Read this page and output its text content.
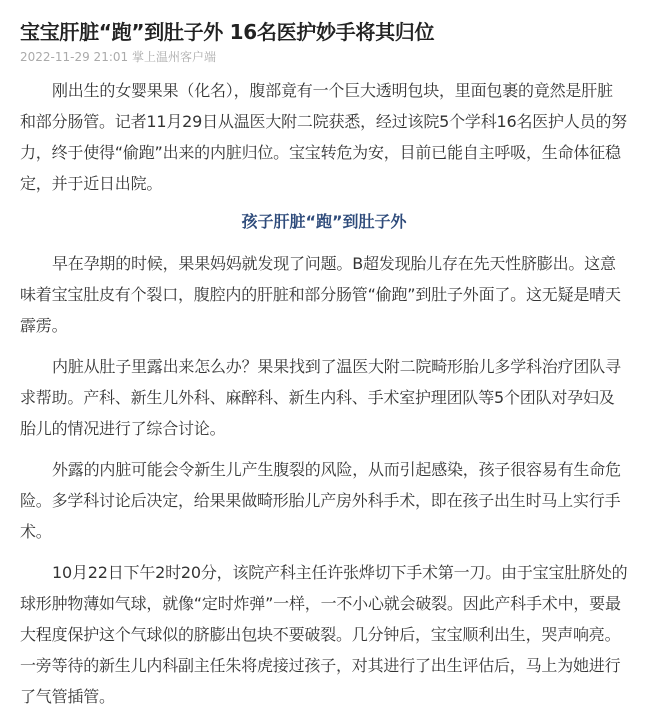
宝宝肝脏“跑”到肚子外 16名医护妙手将其归位
2022-11-29 21:01 掌上温州客户端

刚出生的女婴果果（化名），腹部竟有一个巨大透明包块，里面包裹的竟然是肝脏和部分肠管。记者11月29日从温医大附二院获悉，经过该院5个学科16名医护人员的努力，终于使得“偷跑”出来的内脏归位。宝宝转危为安，目前已能自主呼吸，生命体征稳定，并于近日出院。

孩子肝脏“跑”到肚子外

早在孕期的时候，果果妈妈就发现了问题。B超发现胎儿存在先天性脐膨出。这意味着宝宝肚皮有个裂口，腹腔内的肝脏和部分肠管“偷跑”到肚子外面了。这无疑是晴天霹雳。

内脏从肚子里露出来怎么办？果果找到了温医大附二院畸形胎儿多学科治疗团队寻求帮助。产科、新生儿外科、麻醉科、新生内科、手术室护理团队等5个团队对孕妇及胎儿的情况进行了综合讨论。

外露的内脏可能会令新生儿产生腹裂的风险，从而引起感染，孩子很容易有生命危险。多学科讨论后决定，给果果做畸形胎儿产房外科手术，即在孩子出生时马上实行手术。

10月22日下午2时20分，该院产科主任许张烨切下手术第一刀。由于宝宝肚脐处的球形肿物薄如气球，就像“定时炸弹”一样，一不小心就会破裂。因此产科手术中，要最大程度保护这个气球似的脐膨出包块不要破裂。几分钟后，宝宝顺利出生，哭声响亮。一旁等待的新生儿内科副主任朱将虎接过孩子，对其进行了出生评估后，马上为她进行了气管插管。
